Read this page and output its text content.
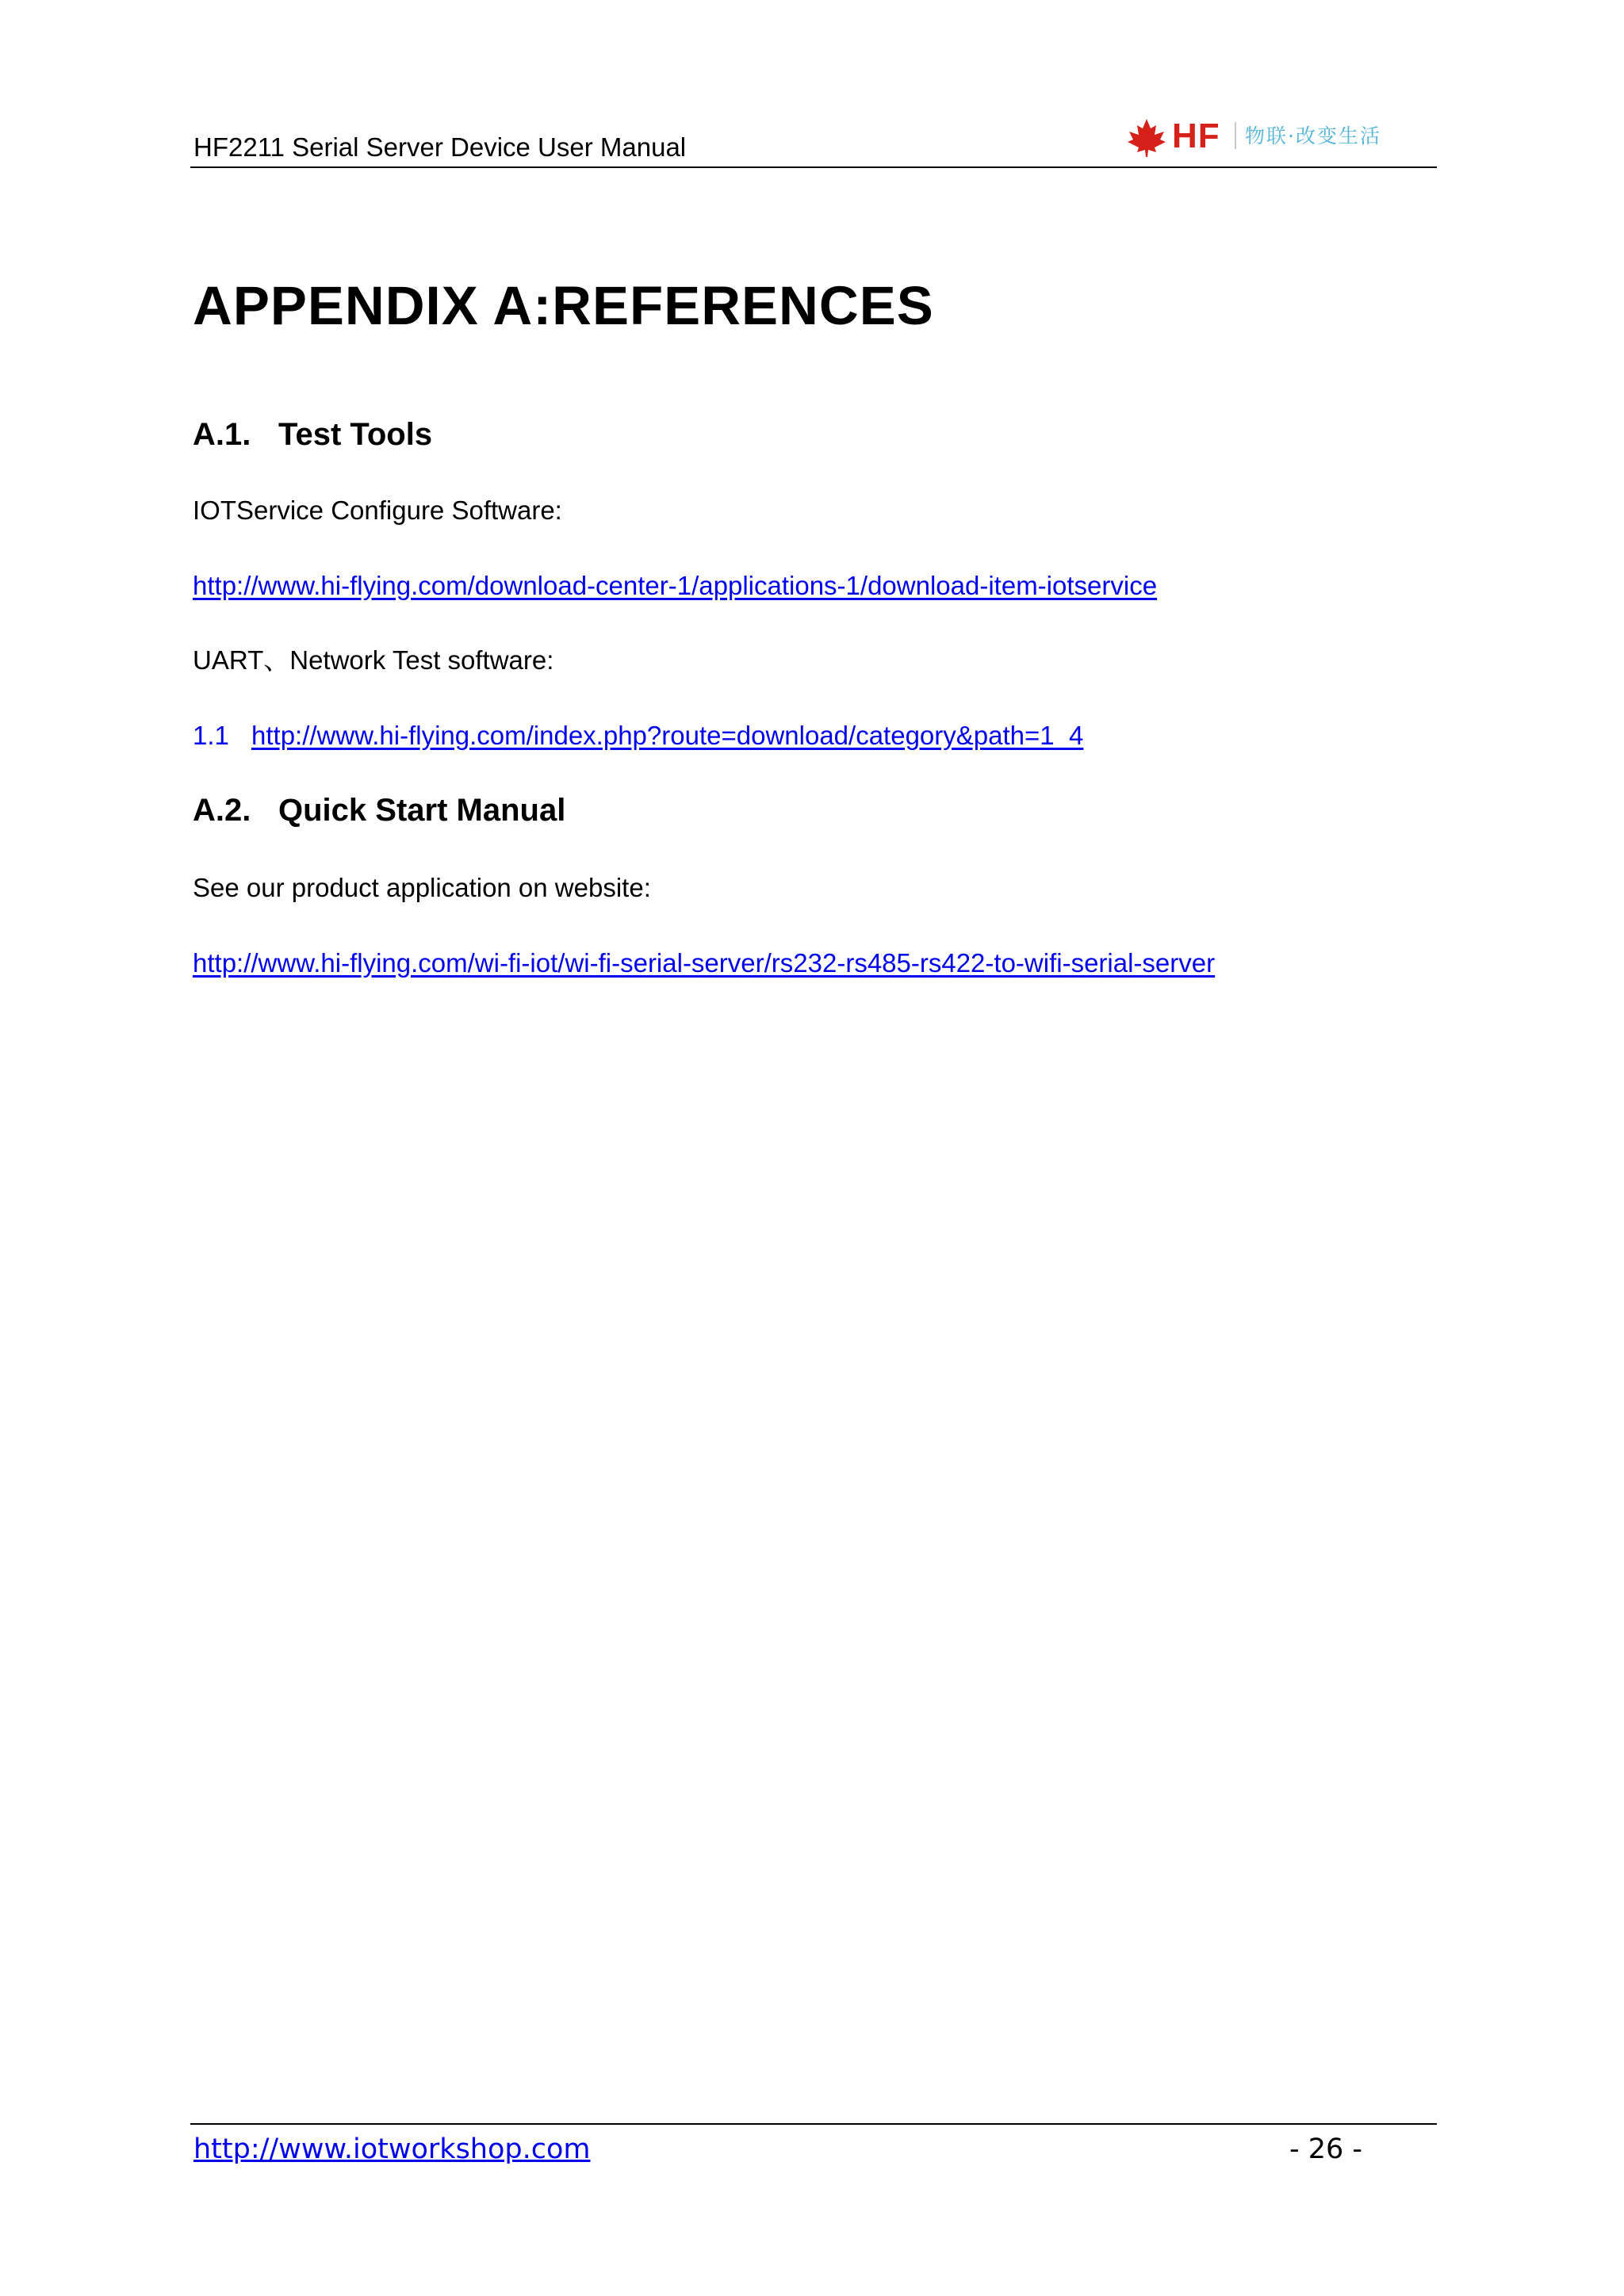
HF2211 Serial Server Device User Manual	HF 物联·改变生活
APPENDIX A:REFERENCES
A.1. Test Tools
IOTService Configure Software:
http://www.hi-flying.com/download-center-1/applications-1/download-item-iotservice
UART、Network Test software:
1.1 http://www.hi-flying.com/index.php?route=download/category&path=1_4
A.2. Quick Start Manual
See our product application on website:
http://www.hi-flying.com/wi-fi-iot/wi-fi-serial-server/rs232-rs485-rs422-to-wifi-serial-server
http://www.iotworkshop.com	- 26 -
